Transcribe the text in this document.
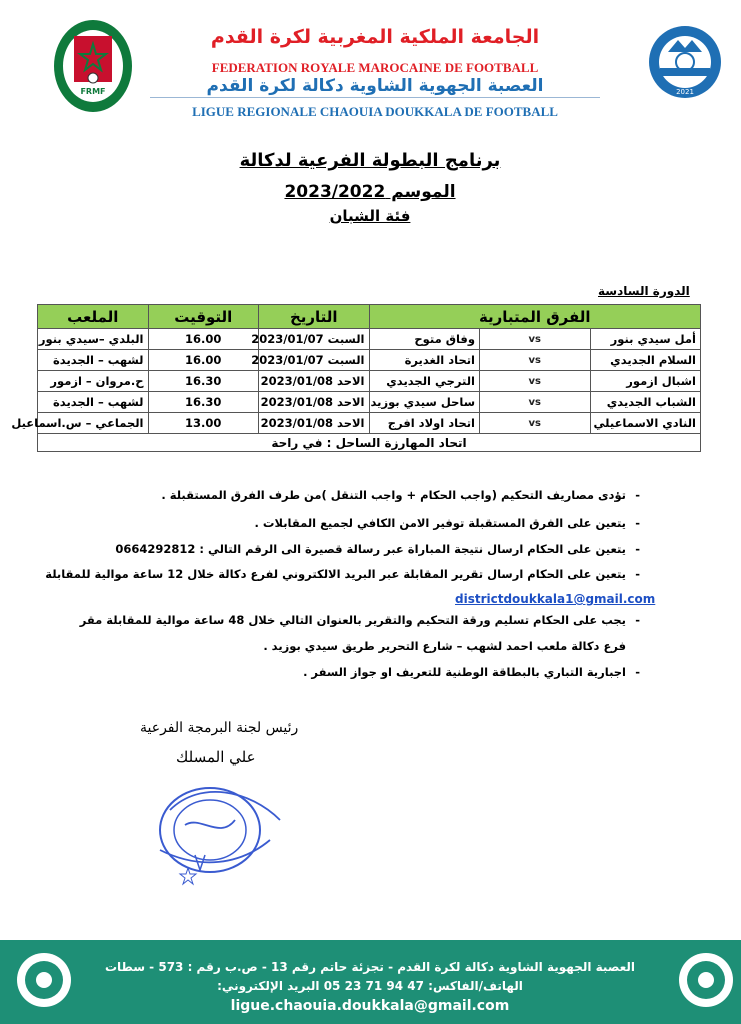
FRMF	2021
الجامعة الملكية المغربية لكرة القدم
FEDERATION ROYALE MAROCAINE DE FOOTBALL
العصبة الجهوية الشاوية دكالة لكرة القدم
LIGUE REGIONALE CHAOUIA DOUKKALA DE FOOTBALL
برنامج البطولة الفرعية لدكالة
الموسم 2023/2022
فئة الشبان
الدورة السادسة
الفرق المتبارية			التاريخ	التوقيت	الملعب
أمل سيدي بنور	vs	وفاق متوح	السبت 2023/01/07	16.00	البلدي –سيدي بنور
السلام الجديدي	vs	اتحاد الغديرة	السبت 2023/01/07	16.00	لشهب – الجديدة
اشبال ازمور	vs	الترجي الجديدي	الاحد 2023/01/08	16.30	ح.مروان – ازمور
الشباب الجديدي	vs	ساحل سيدي بوزيد	الاحد 2023/01/08	16.30	لشهب – الجديدة
النادي الاسماعيلي	vs	اتحاد اولاد افرج	الاحد 2023/01/08	13.00	الجماعي – س.اسماعيل
اتحاد المهارزة الساحل : في راحة					
- تؤدى مصاريف التحكيم (واجب الحكام + واجب التنقل )من طرف الفرق المستقبلة .
- يتعين على الفرق المستقبلة توفير الامن الكافي لجميع المقابلات .
- يتعين على الحكام ارسال نتيجة المباراة عبر رسالة قصيرة الى الرقم التالي : 0664292812
- يتعين على الحكام ارسال تقرير المقابلة عبر البريد الالكتروني لفرع دكالة خلال 12 ساعة موالية للمقابلة
- يجب على الحكام تسليم ورقة التحكيم والتقرير بالعنوان التالي خلال 48 ساعة موالية للمقابلة مقر
فرع دكالة ملعب احمد لشهب – شارع التحرير طريق سيدي بوزيد .
- اجبارية التباري بالبطاقة الوطنية للتعريف او جواز السفر .
districtdoukkala1@gmail.com
رئيس لجنة البرمجة الفرعية
علي المسلك
العصبة الجهوية الشاوية دكالة لكرة القدم - تجزئة حاتم رقم 13 - ص.ب رقم : 573 - سطات
الهاتف/الفاكس: 47 94 71 23 05 البريد الإلكتروني:
ligue.chaouia.doukkala@gmail.com
